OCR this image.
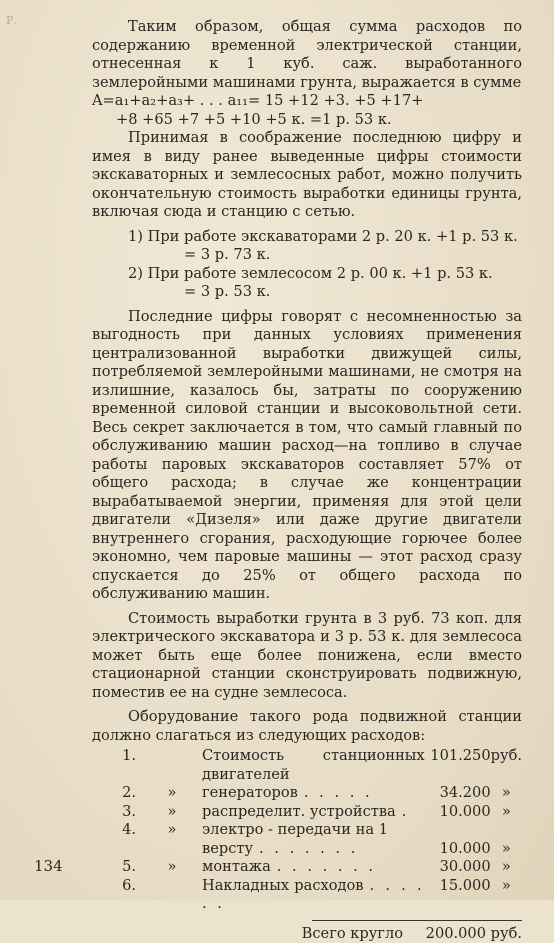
Р.	Таким образом, общая сумма расходов по содержанию временной электрической станции, отнесенная к 1 куб. саж. выработанного землеройными машинами грунта, выражается в сумме

A=a₁+a₂+a₃+ . . . a₁₁= 15 +12 +3. +5 +17+
+8 +65 +7 +5 +10 +5 к. =1 р. 53 к.

Принимая в соображение последнюю цифру и имея в виду ранее выведенные цифры стоимости экскаваторных и землесосных работ, можно получить окончательную стоимость выработки единицы грунта, включая сюда и станцию с сетью.

1) При работе экскаваторами 2 р. 20 к. +1 р. 53 к.
= 3 р. 73 к.
2) При работе землесосом 2 р. 00 к. +1 р. 53 к.
= 3 р. 53 к.

Последние цифры говорят с несомненностью за выгодность при данных условиях применения централизованной выработки движущей силы, потребляемой землеройными машинами, не смотря на излишние, казалось бы, затраты по сооружению временной силовой станции и высоковольтной сети. Весь секрет заключается в том, что самый главный по обслуживанию машин расход—на топливо в случае работы паровых экскаваторов составляет 57% от общего расхода; в случае же концентрации вырабатываемой энергии, применяя для этой цели двигатели «Дизеля» или даже другие двигатели внутреннего сгорания, расходующие горючее более экономно, чем паровые машины — этот расход сразу спускается до 25% от общего расхода по обслуживанию машин.

Стоимость выработки грунта в 3 руб. 73 коп. для электрического экскаватора и 3 р. 53 к. для землесоса может быть еще более понижена, если вместо стационарной станции сконструировать подвижную, поместив ее на судне землесоса.

Оборудование такого рода подвижной станции должно слагаться из следующих расходов:

1.		Стоимость станционных двигателей	101.250	руб.
2.	»	генераторов . . . . .	34.200	»
3.	»	распределит. устройства .	10.000	»
4.	»	электро - передачи на 1		
		версту . . . . . . .	10.000	»
5.	»	монтажа . . . . . . .	30.000	»
6.		Накладных расходов . . . . . .	15.000	»
Всего кругло 200.000 руб.
134
